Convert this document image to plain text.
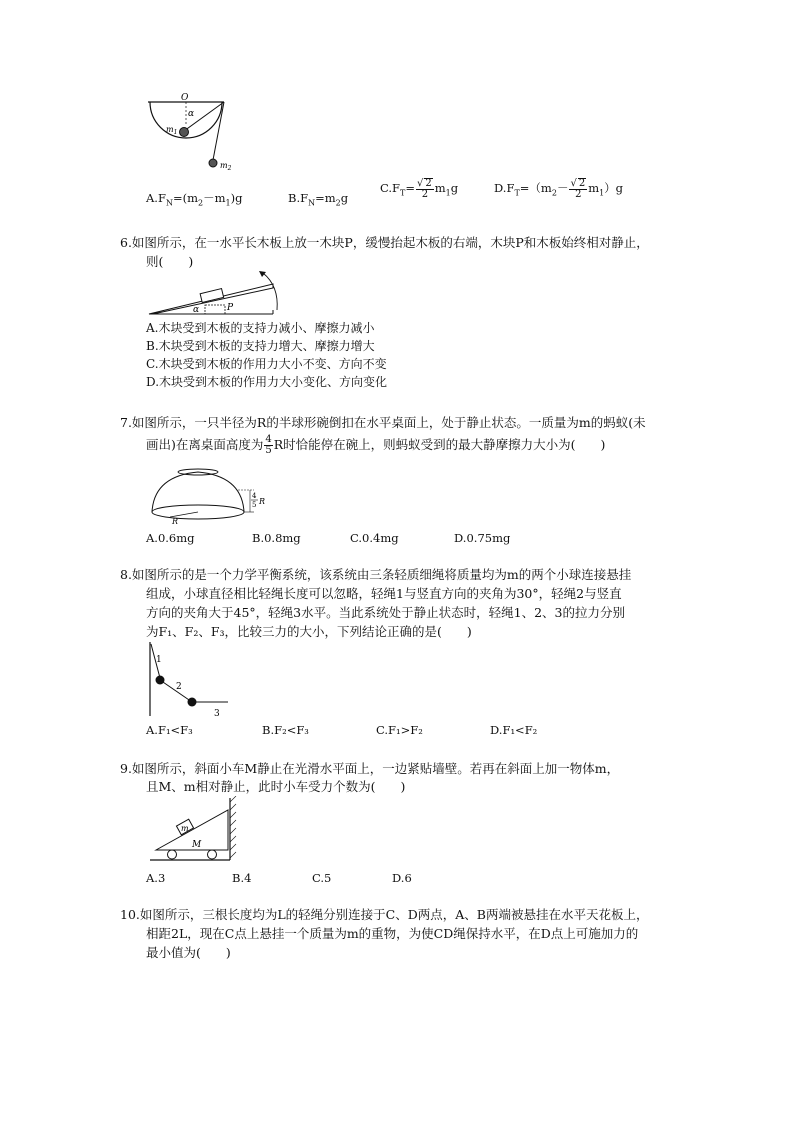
O
α
$m_1$
$m_2$
$A.F_N=(m_2-m_1)g$	$B.F_N=m_2g$
$C.F_T= \frac{√ 2}{2} m_1g$	$D.F_T=(m_2- \frac{√ 2}{2} m_1)g$
6.如图所示，在一水平长木板上放一木块P，缓慢抬起木板的右端，木块P和木板始终相对静止，
则(　　)
α	P
A.木块受到木板的支持力减小、摩擦力减小
B.木块受到木板的支持力增大、摩擦力增大
C.木块受到木板的作用力大小不变、方向不变
D.木块受到木板的作用力大小变化、方向变化
7.如图所示，一只半径为R的半球形碗倒扣在水平桌面上，处于静止状态。一质量为m的蚂蚁(未
画出)在离桌面高度为 $\frac{4}{5}$ R时恰能停在碗上，则蚂蚁受到的最大静摩擦力大小为(　　)
R
4
5 R
A.0.6mg	B.0.8mg	C.0.4mg	D.0.75mg
8.如图所示的是一个力学平衡系统，该系统由三条轻质细绳将质量均为m的两个小球连接悬挂
组成，小球直径相比轻绳长度可以忽略，轻绳1与竖直方向的夹角为30°，轻绳2与竖直
方向的夹角大于45°，轻绳3水平。当此系统处于静止状态时，轻绳1、2、3的拉力分别
为F₁、F₂、F₃，比较三力的大小，下列结论正确的是(　　)
1
2
3
A.F₁<F₃	B.F₂<F₃	C.F₁>F₂	D.F₁<F₂
9.如图所示，斜面小车M静止在光滑水平面上，一边紧贴墙壁。若再在斜面上加一物体m，
且M、m相对静止，此时小车受力个数为(　　)
m
M
A.3	B.4	C.5	D.6
10.如图所示，三根长度均为L的轻绳分别连接于C、D两点，A、B两端被悬挂在水平天花板上，
相距2L，现在C点上悬挂一个质量为m的重物，为使CD绳保持水平，在D点上可施加力的
最小值为(　　)
